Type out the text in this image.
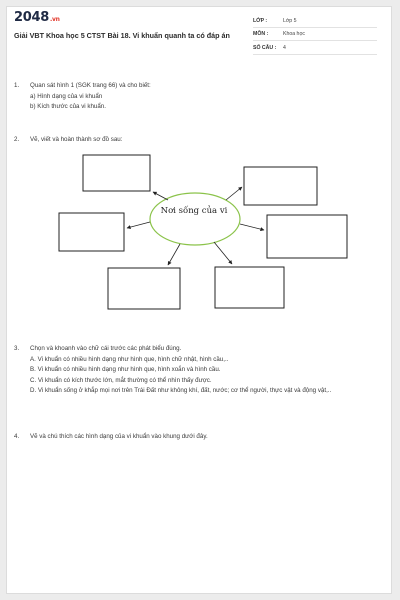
2048.vn
Giải VBT Khoa học 5 CTST Bài 18. Vi khuẩn quanh ta có đáp án
LỚP :	Lớp 5
MÔN :	Khoa học
SỐ CÂU : 4
1. Quan sát hình 1 (SGK trang 66) và cho biết:
a) Hình dạng của vi khuẩn
b) Kích thước của vi khuẩn.
2. Vẽ, viết và hoàn thành sơ đồ sau:
Nơi sống của vi
3. Chọn và khoanh vào chữ cái trước các phát biểu đúng.
A. Vi khuẩn có nhiều hình dạng như hình que, hình chữ nhật, hình cầu,..
B. Vi khuẩn có nhiều hình dạng như hình que, hình xoắn và hình cầu.
C. Vi khuẩn có kích thước lớn, mắt thường có thể nhìn thấy được.
D. Vi khuẩn sống ở khắp mọi nơi trên Trái Đất như không khí, đất, nước; cơ thể người, thực vật và động vật,..
4. Vẽ và chú thích các hình dạng của vi khuẩn vào khung dưới đây.
